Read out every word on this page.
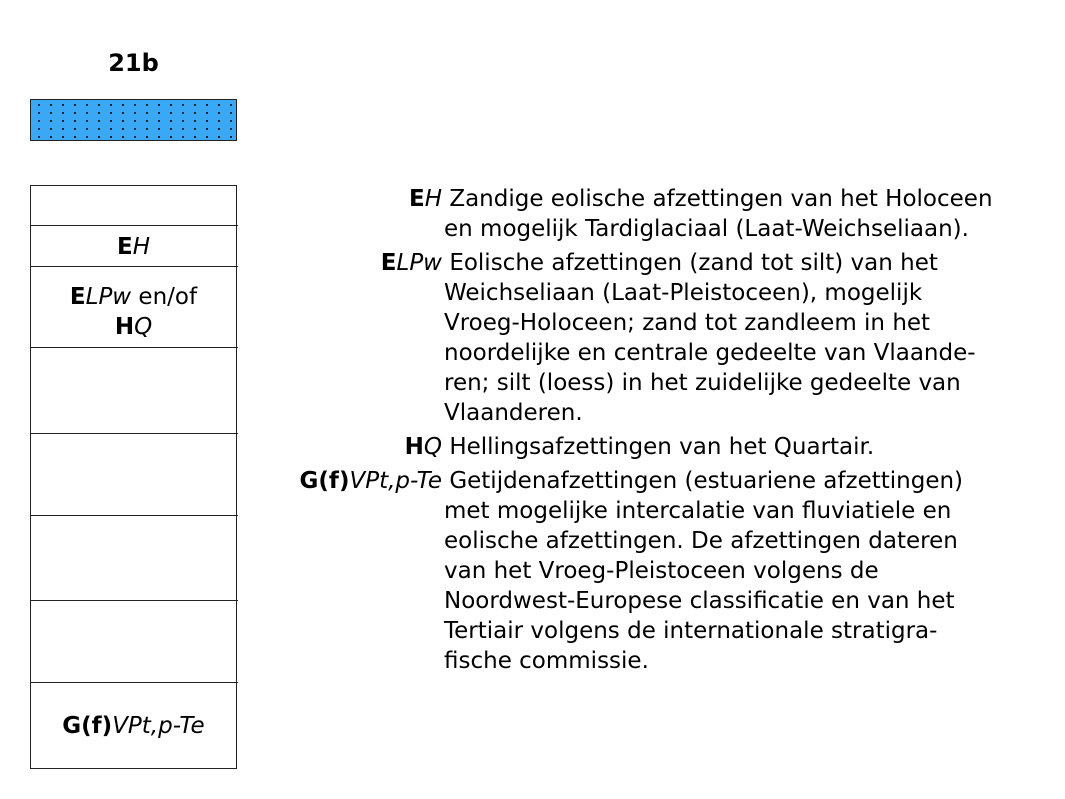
21b
EH
ELPw en/of
HQ
G(f)VPt,p-Te
EH Zandige eolische afzettingen van het Holoceen
en mogelijk Tardiglaciaal (Laat-Weichseliaan).
ELPw Eolische afzettingen (zand tot silt) van het
Weichseliaan (Laat-Pleistoceen), mogelijk
Vroeg-Holoceen; zand tot zandleem in het
noordelijke en centrale gedeelte van Vlaande-
ren; silt (loess) in het zuidelijke gedeelte van
Vlaanderen.
HQ Hellingsafzettingen van het Quartair.
G(f)VPt,p-Te Getijdenafzettingen (estuariene afzettingen)
met mogelijke intercalatie van fluviatiele en
eolische afzettingen. De afzettingen dateren
van het Vroeg-Pleistoceen volgens de
Noordwest-Europese classificatie en van het
Tertiair volgens de internationale stratigra-
fische commissie.
